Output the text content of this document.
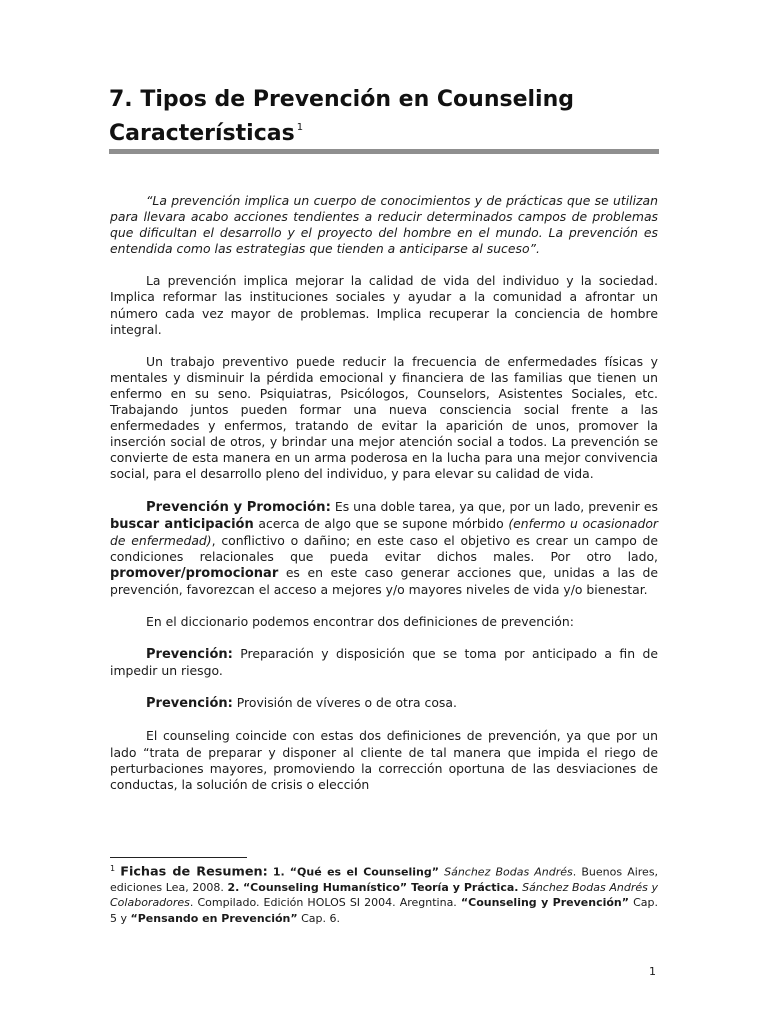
7. Tipos de Prevención en Counseling
Características $^1$

“La prevención implica un cuerpo de conocimientos y de prácticas que se utilizan para llevara acabo acciones tendientes a reducir determinados campos de problemas que dificultan el desarrollo y el proyecto del hombre en el mundo. La prevención es entendida como las estrategias que tienden a anticiparse al suceso”.

La prevención implica mejorar la calidad de vida del individuo y la sociedad. Implica reformar las instituciones sociales y ayudar a la comunidad a afrontar un número cada vez mayor de problemas. Implica recuperar la conciencia de hombre integral.

Un trabajo preventivo puede reducir la frecuencia de enfermedades físicas y mentales y disminuir la pérdida emocional y financiera de las familias que tienen un enfermo en su seno. Psiquiatras, Psicólogos, Counselors, Asistentes Sociales, etc. Trabajando juntos pueden formar una nueva consciencia social frente a las enfermedades y enfermos, tratando de evitar la aparición de unos, promover la inserción social de otros, y brindar una mejor atención social a todos. La prevención se convierte de esta manera en un arma poderosa en la lucha para una mejor convivencia social, para el desarrollo pleno del individuo, y para elevar su calidad de vida.

Prevención y Promoción: Es una doble tarea, ya que, por un lado, prevenir es buscar anticipación acerca de algo que se supone mórbido (enfermo u ocasionador de enfermedad), conflictivo o dañino; en este caso el objetivo es crear un campo de condiciones relacionales que pueda evitar dichos males. Por otro lado, promover/promocionar es en este caso generar acciones que, unidas a las de prevención, favorezcan el acceso a mejores y/o mayores niveles de vida y/o bienestar.

En el diccionario podemos encontrar dos definiciones de prevención:

Prevención: Preparación y disposición que se toma por anticipado a fin de impedir un riesgo.

Prevención: Provisión de víveres o de otra cosa.

El counseling coincide con estas dos definiciones de prevención, ya que por un lado “trata de preparar y disponer al cliente de tal manera que impida el riego de perturbaciones mayores, promoviendo la corrección oportuna de las desviaciones de conductas, la solución de crisis o elección

$^1$ Fichas de Resumen: 1. “Qué es el Counseling” Sánchez Bodas Andrés. Buenos Aires, ediciones Lea, 2008. 2. “Counseling Humanístico” Teoría y Práctica. Sánchez Bodas Andrés y Colaboradores. Compilado. Edición HOLOS SI 2004. Aregntina. “Counseling y Prevención” Cap. 5 y “Pensando en Prevención” Cap. 6.
1
